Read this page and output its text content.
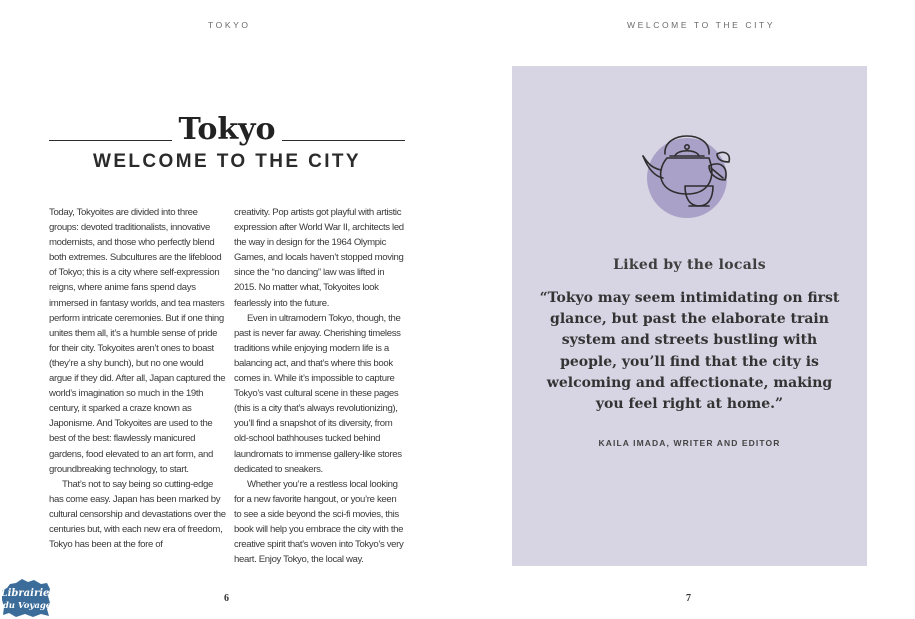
TOKYO	WELCOME TO THE CITY
Tokyo
WELCOME TO THE CITY

Today, Tokyoites are divided into three groups: devoted traditionalists, innovative modernists, and those who perfectly blend both extremes. Subcultures are the lifeblood of Tokyo; this is a city where self-expression reigns, where anime fans spend days immersed in fantasy worlds, and tea masters perform intricate ceremonies. But if one thing unites them all, it’s a humble sense of pride for their city. Tokyoites aren’t ones to boast (they’re a shy bunch), but no one would argue if they did. After all, Japan captured the world’s imagination so much in the 19th century, it sparked a craze known as Japonisme. And Tokyoites are used to the best of the best: flawlessly manicured gardens, food elevated to an art form, and groundbreaking technology, to start.

That’s not to say being so cutting-edge has come easy. Japan has been marked by cultural censorship and devastations over the centuries but, with each new era of freedom, Tokyo has been at the fore of

creativity. Pop artists got playful with artistic expression after World War II, architects led the way in design for the 1964 Olympic Games, and locals haven’t stopped moving since the “no dancing” law was lifted in 2015. No matter what, Tokyoites look fearlessly into the future.

Even in ultramodern Tokyo, though, the past is never far away. Cherishing timeless traditions while enjoying modern life is a balancing act, and that’s where this book comes in. While it’s impossible to capture Tokyo’s vast cultural scene in these pages (this is a city that’s always revolutionizing), you’ll find a snapshot of its diversity, from old-school bathhouses tucked behind laundromats to immense gallery-like stores dedicated to sneakers.

Whether you’re a restless local looking for a new favorite hangout, or you’re keen to see a side beyond the sci-fi movies, this book will help you embrace the city with the creative spirit that’s woven into Tokyo’s very heart. Enjoy Tokyo, the local way.

Liked by the locals
“Tokyo may seem intimidating on first glance, but past the elaborate train system and streets bustling with people, you’ll find that the city is welcoming and affectionate, making you feel right at home.”
KAILA IMADA, WRITER AND EDITOR
6	7
Librairie
du Voyage
